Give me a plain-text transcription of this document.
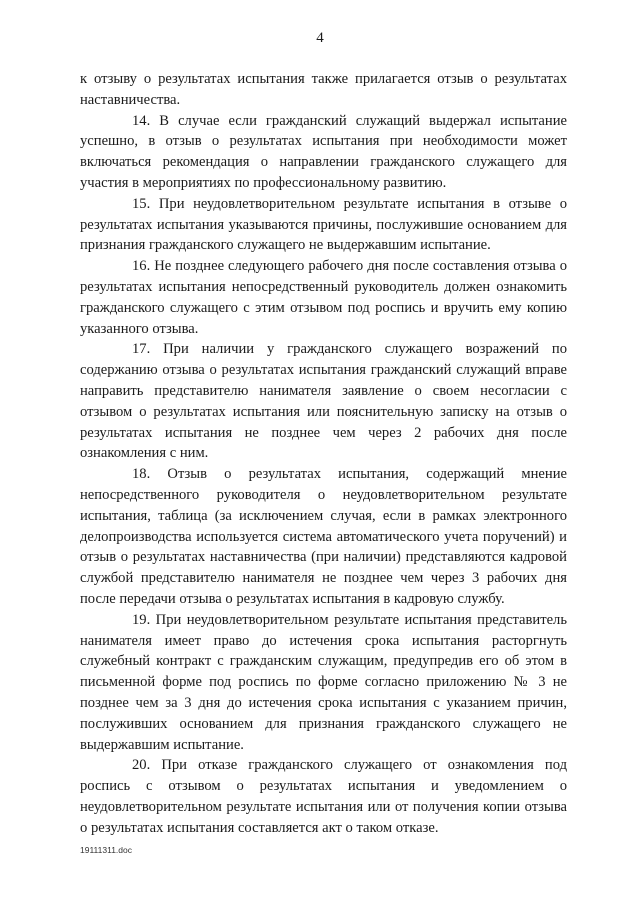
4

к отзыву о результатах испытания также прилагается отзыв о результатах наставничества.

14. В случае если гражданский служащий выдержал испытание успешно, в отзыв о результатах испытания при необходимости может включаться рекомендация о направлении гражданского служащего для участия в мероприятиях по профессиональному развитию.

15. При неудовлетворительном результате испытания в отзыве о результатах испытания указываются причины, послужившие основанием для признания гражданского служащего не выдержавшим испытание.

16. Не позднее следующего рабочего дня после составления отзыва о результатах испытания непосредственный руководитель должен ознакомить гражданского служащего с этим отзывом под роспись и вручить ему копию указанного отзыва.

17. При наличии у гражданского служащего возражений по содержанию отзыва о результатах испытания гражданский служащий вправе направить представителю нанимателя заявление о своем несогласии с отзывом о результатах испытания или пояснительную записку на отзыв о результатах испытания не позднее чем через 2 рабочих дня после ознакомления с ним.

18. Отзыв о результатах испытания, содержащий мнение непосредственного руководителя о неудовлетворительном результате испытания, таблица (за исключением случая, если в рамках электронного делопроизводства используется система автоматического учета поручений) и отзыв о результатах наставничества (при наличии) представляются кадровой службой представителю нанимателя не позднее чем через 3 рабочих дня после передачи отзыва о результатах испытания в кадровую службу.

19. При неудовлетворительном результате испытания представитель нанимателя имеет право до истечения срока испытания расторгнуть служебный контракт с гражданским служащим, предупредив его об этом в письменной форме под роспись по форме согласно приложению № 3 не позднее чем за 3 дня до истечения срока испытания с указанием причин, послуживших основанием для признания гражданского служащего не выдержавшим испытание.

20. При отказе гражданского служащего от ознакомления под роспись с отзывом о результатах испытания и уведомлением о неудовлетворительном результате испытания или от получения копии отзыва о результатах испытания составляется акт о таком отказе.

19111311.doc
